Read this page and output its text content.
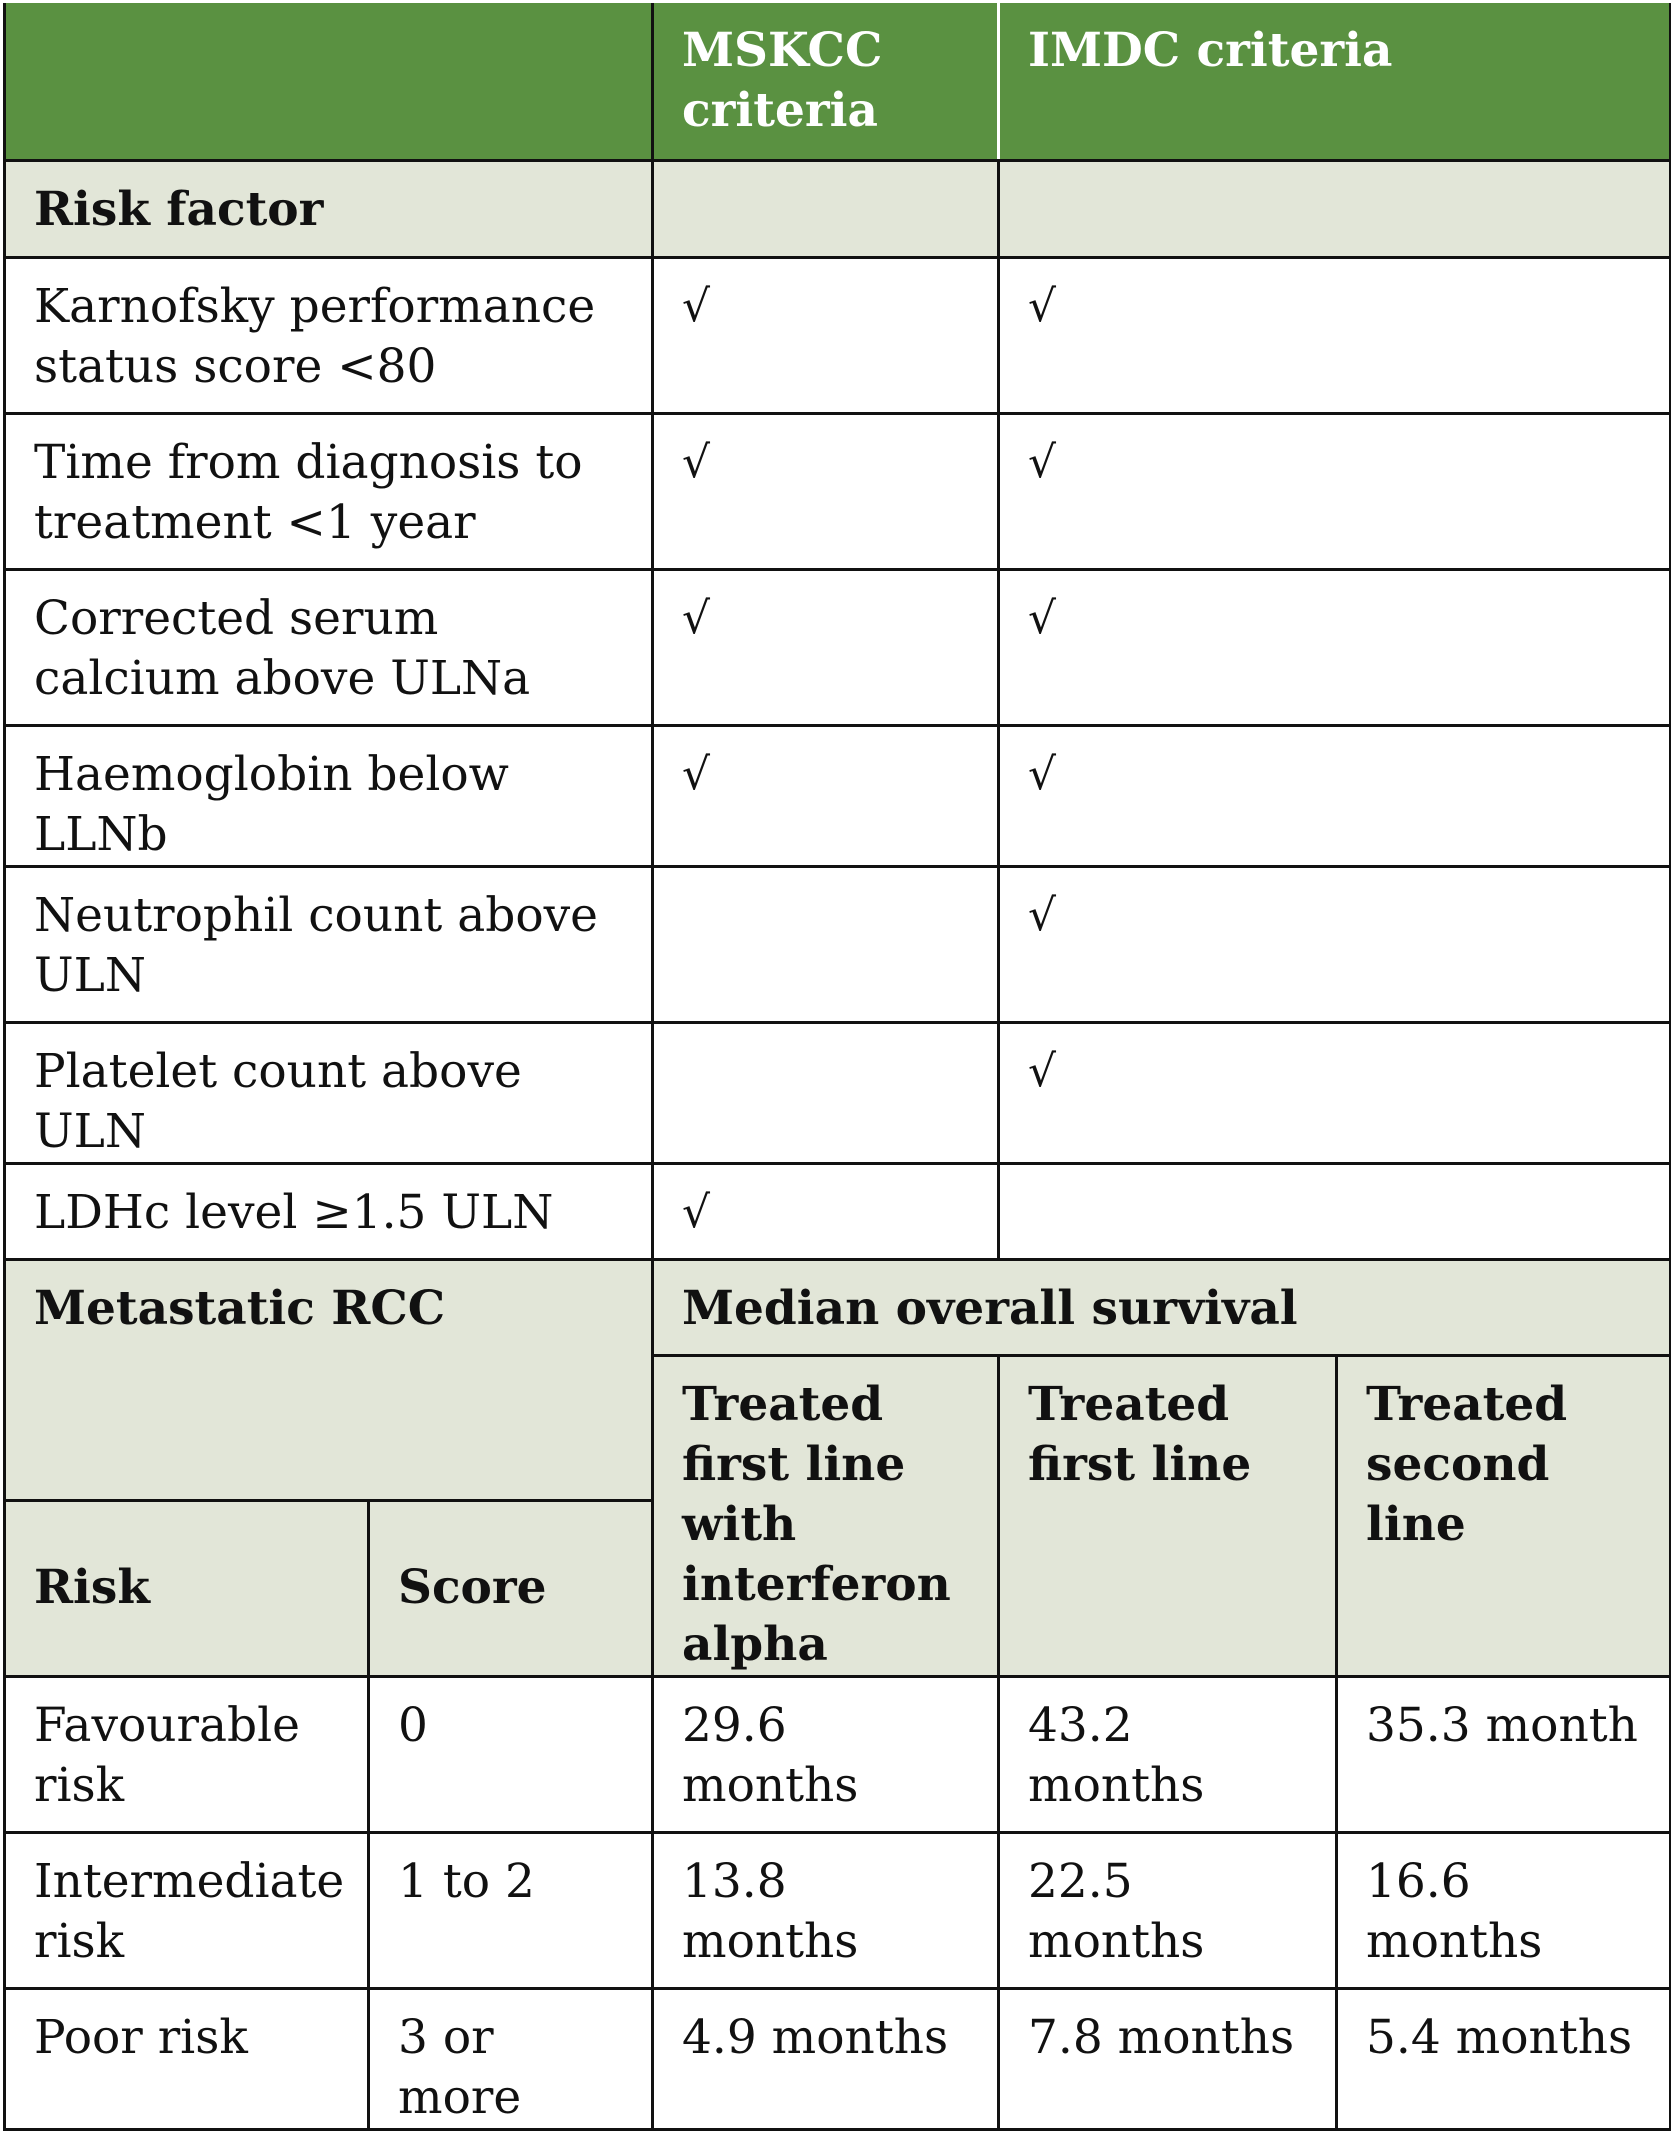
		MSKCC criteria	IMDC criteria	
Risk factor				
Karnofsky performance status score <80		√	√	
Time from diagnosis to treatment <1 year		√	√	
Corrected serum calcium above ULNa		√	√	
Haemoglobin below LLNb		√	√	
Neutrophil count above ULN			√	
Platelet count above ULN			√	
LDHc level ≥1.5 ULN		√		
Metastatic RCC		Median overall survival		
		Treated first line with interferon alpha	Treated first line	Treated second line
Risk	Score			
Favourable risk	0	29.6 months	43.2 months	35.3 month
Intermediate risk	1 to 2	13.8 months	22.5 months	16.6 months
Poor risk	3 or more	4.9 months	7.8 months	5.4 months
